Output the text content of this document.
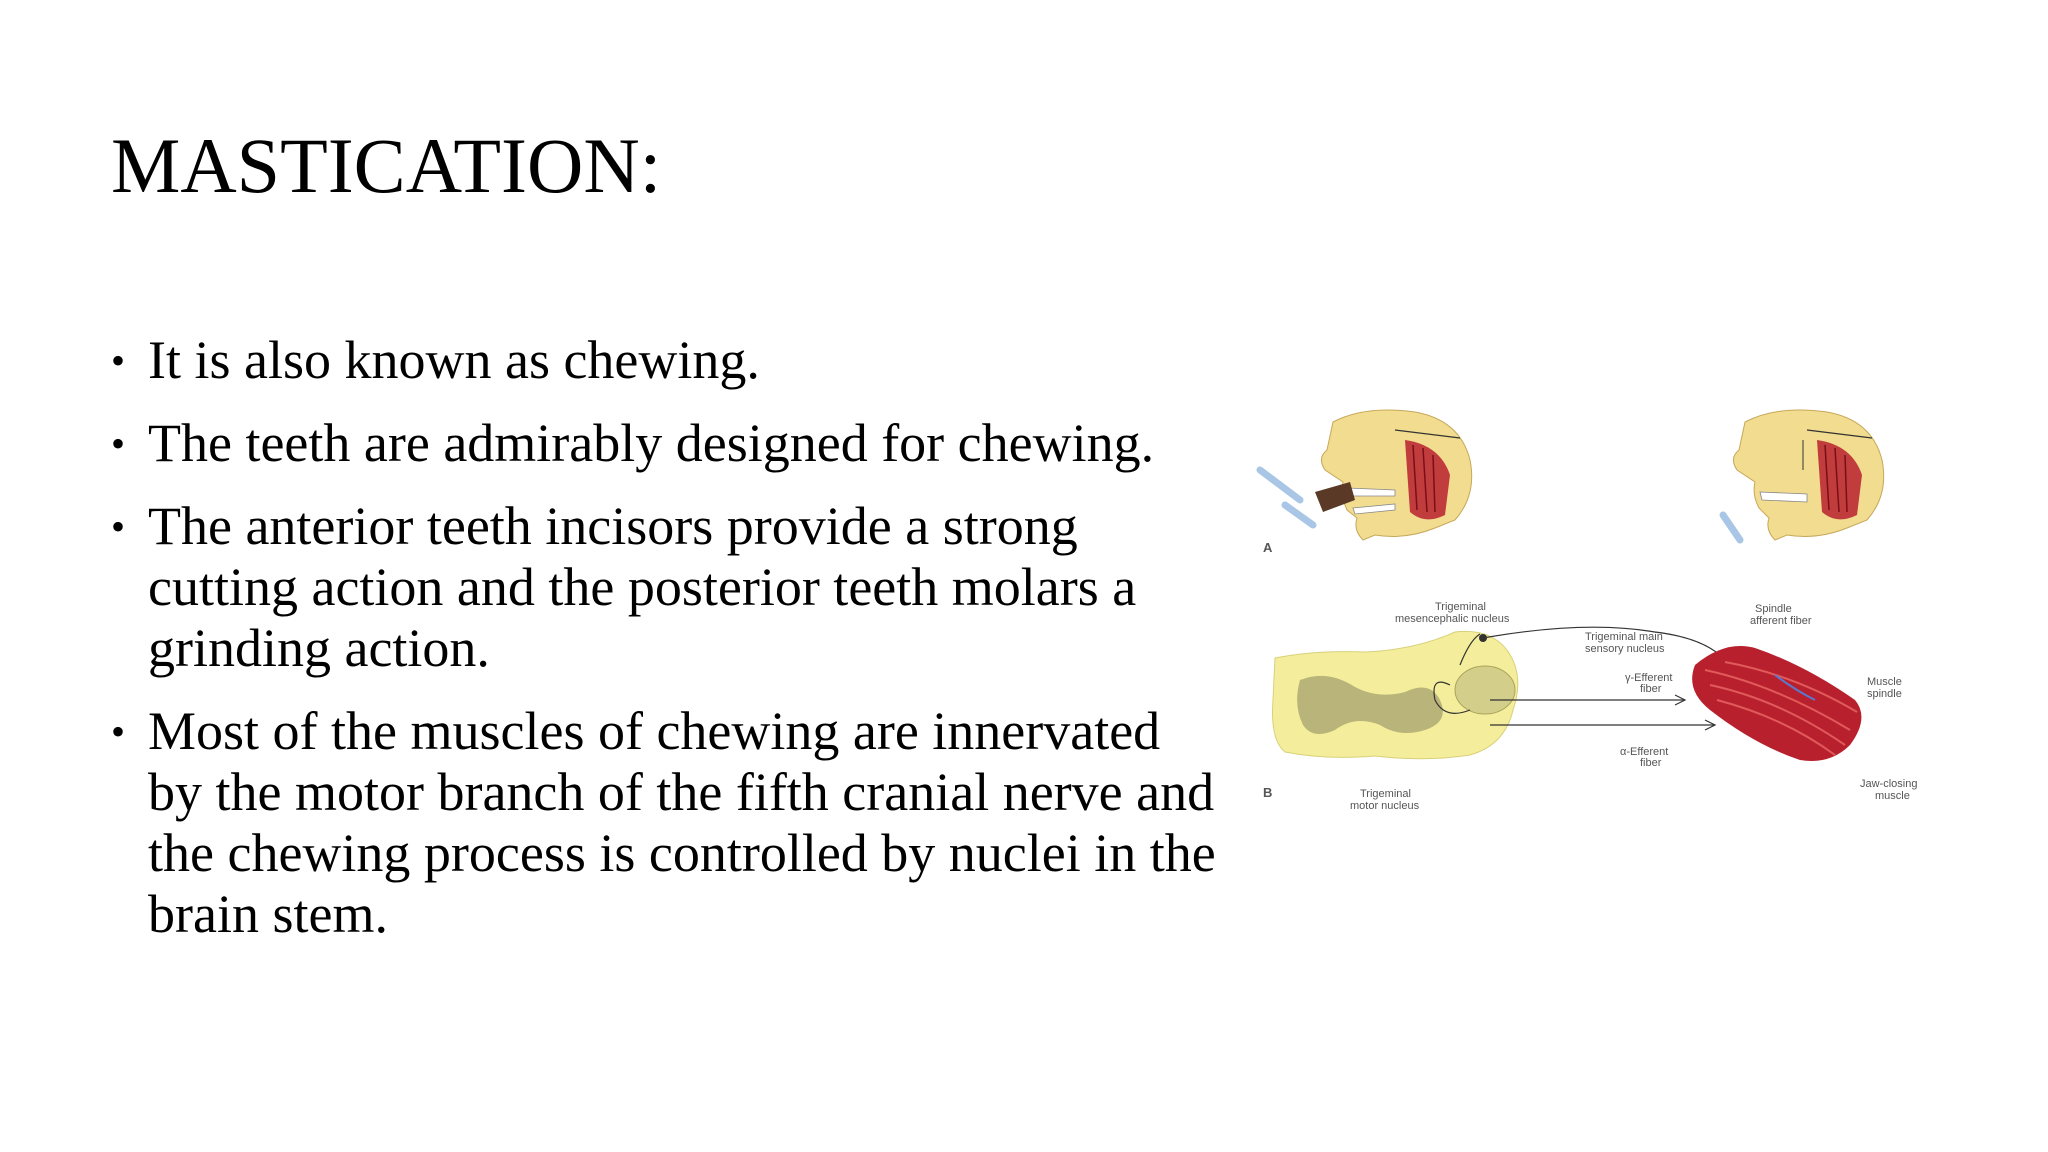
MASTICATION:
• It is also known as chewing.
• The teeth are admirably designed for chewing.
• The anterior teeth incisors provide a strong cutting action and the posterior teeth molars a grinding action.
• Most of the muscles of chewing are innervated by the motor branch of the fifth cranial nerve and the chewing process is controlled by nuclei in the brain stem.
A
Trigeminal
mesencephalic nucleus
Trigeminal main
sensory nucleus
Spindle
afferent fiber
γ-Efferent
fiber
Muscle
spindle
α-Efferent
fiber
Trigeminal
motor nucleus
Jaw-closing
muscle
B
